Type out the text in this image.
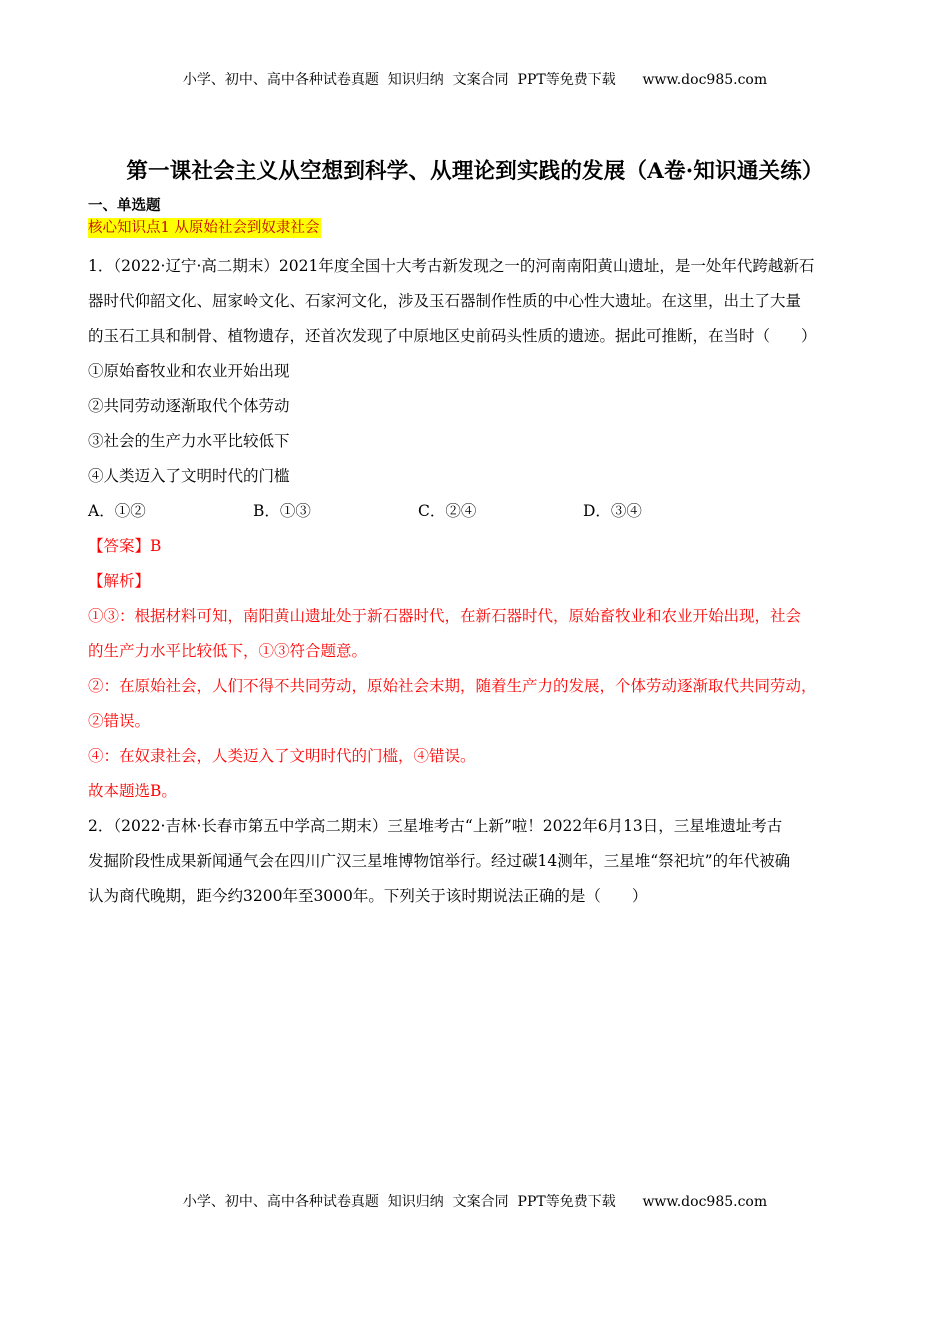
小学、初中、高中各种试卷真题  知识归纳  文案合同  PPT等免费下载      www.doc985.com
第一课社会主义从空想到科学、从理论到实践的发展（A卷·知识通关练）
一、单选题
核心知识点1 从原始社会到奴隶社会

1．（2022·辽宁·高二期末）2021年度全国十大考古新发现之一的河南南阳黄山遗址，是一处年代跨越新石

器时代仰韶文化、屈家岭文化、石家河文化，涉及玉石器制作性质的中心性大遗址。在这里，出土了大量

的玉石工具和制骨、植物遗存，还首次发现了中原地区史前码头性质的遗迹。据此可推断，在当时（　　）

①原始畜牧业和农业开始出现

②共同劳动逐渐取代个体劳动

③社会的生产力水平比较低下

④人类迈入了文明时代的门槛

A．①②	B．①③	C．②④	D．③④

【答案】B

【解析】

①③：根据材料可知，南阳黄山遗址处于新石器时代，在新石器时代，原始畜牧业和农业开始出现，社会

的生产力水平比较低下，①③符合题意。

②：在原始社会，人们不得不共同劳动，原始社会末期，随着生产力的发展，个体劳动逐渐取代共同劳动，

②错误。

④：在奴隶社会，人类迈入了文明时代的门槛，④错误。

故本题选B。

2．（2022·吉林·长春市第五中学高二期末）三星堆考古“上新”啦！2022年6月13日，三星堆遗址考古

发掘阶段性成果新闻通气会在四川广汉三星堆博物馆举行。经过碳14测年，三星堆“祭祀坑”的年代被确

认为商代晚期，距今约3200年至3000年。下列关于该时期说法正确的是（　　）

小学、初中、高中各种试卷真题  知识归纳  文案合同  PPT等免费下载      www.doc985.com
